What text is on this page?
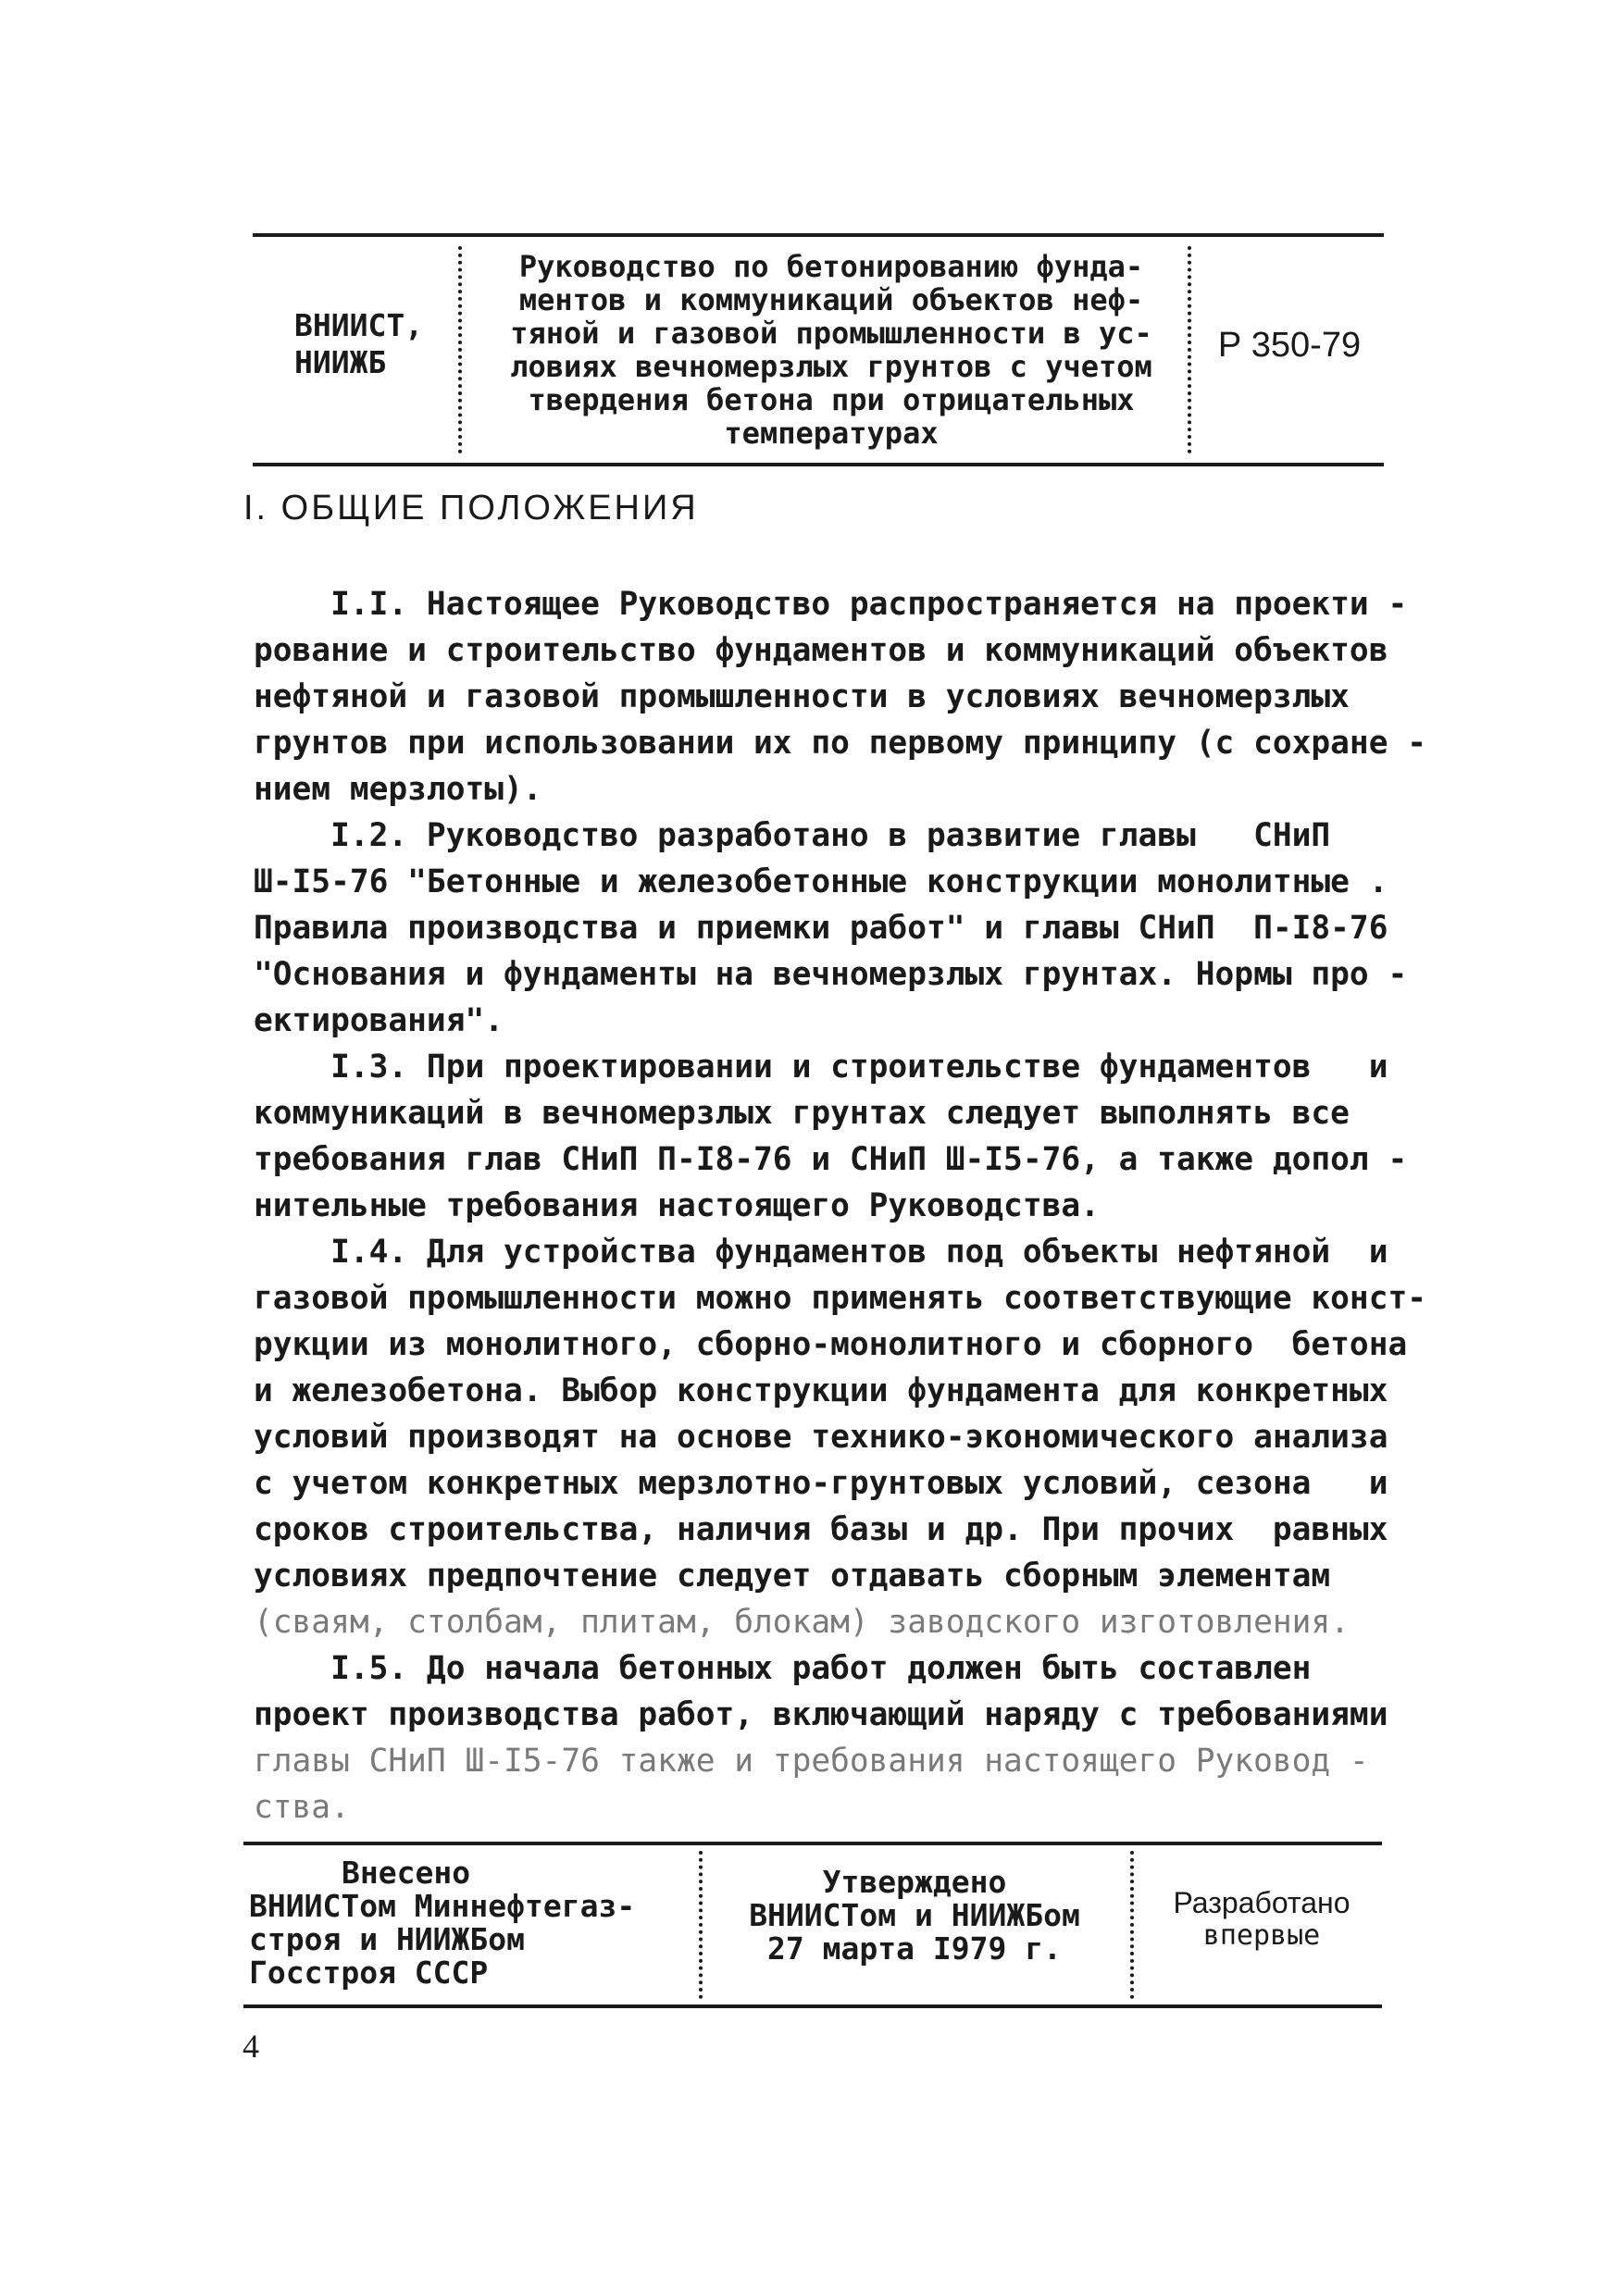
ВНИИСТ,
НИИЖБ
Руководство по бетонированию фунда-
ментов и коммуникаций объектов неф-
тяной и газовой промышленности в ус-
ловиях вечномерзлых грунтов с учетом
твердения бетона при отрицательных
температурах
Р 350-79
I. ОБЩИЕ ПОЛОЖЕНИЯ
I.I. Настоящее Руководство распространяется на проекти -
рование и строительство фундаментов и коммуникаций объектов
нефтяной и газовой промышленности в условиях вечномерзлых
грунтов при использовании их по первому принципу (с сохране -
нием мерзлоты).
I.2. Руководство разработано в развитие главы   СНиП
Ш-I5-76 "Бетонные и железобетонные конструкции монолитные .
Правила производства и приемки работ" и главы СНиП  П-I8-76
"Основания и фундаменты на вечномерзлых грунтах. Нормы про -
ектирования".
I.3. При проектировании и строительстве фундаментов   и
коммуникаций в вечномерзлых грунтах следует выполнять все
требования глав СНиП П-I8-76 и СНиП Ш-I5-76, а также допол -
нительные требования настоящего Руководства.
I.4. Для устройства фундаментов под объекты нефтяной  и
газовой промышленности можно применять соответствующие конст-
рукции из монолитного, сборно-монолитного и сборного  бетона
и железобетона. Выбор конструкции фундамента для конкретных
условий производят на основе технико-экономического анализа
с учетом конкретных мерзлотно-грунтовых условий, сезона   и
сроков строительства, наличия базы и др. При прочих  равных
условиях предпочтение следует отдавать сборным элементам
(сваям, столбам, плитам, блокам) заводского изготовления.
I.5. До начала бетонных работ должен быть составлен
проект производства работ, включающий наряду с требованиями
главы СНиП Ш-I5-76 также и требования настоящего Руковод -
ства.
Внесено
ВНИИСТом Миннефтегаз-
строя и НИИЖБом
Госстроя СССР
Утверждено
ВНИИСТом и НИИЖБом
27 марта I979 г.
Разработано
впервые
4
